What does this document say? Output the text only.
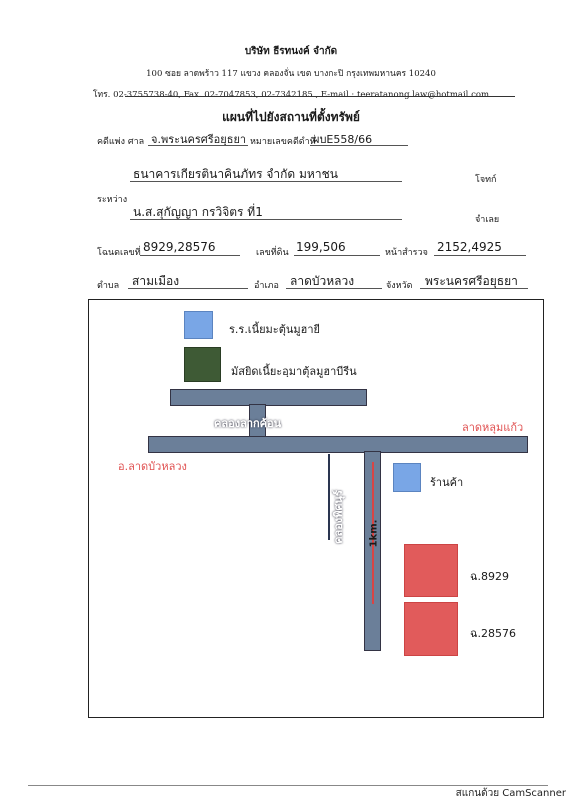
บริษัท ธีรทนงค์ จำกัด
100 ซอย ลาดพร้าว 117 แขวง คลองจั่น เขต บางกะปิ กรุงเทพมหานคร 10240
โทร. 02-3755738-40, Fax. 02-7047853, 02-7342185 , E-mail : teeratanong.law@hotmail.com
แผนที่ไปยังสถานที่ตั้งทรัพย์
คดีแพ่ง ศาล จ.พระนครศรีอยุธยา หมายเลขคดีดำที่
ผบE558/66
ธนาคารเกียรตินาคินภัทร จำกัด มหาชน	โจทก์
ระหว่าง
น.ส.สุกัญญา กรวิจิตร ที่1
จำเลย
โฉนดเลขที่ 8929,28576	เลขที่ดิน 199,506	หน้าสำรวจ 2152,4925
ตำบล สามเมือง	อำเภอ ลาดบัวหลวง	จังหวัด พระนครศรีอยุธยา
ร.ร.เนี้ยมะตุ้นมูฮายี
มัสยิดเนี้ยะอฺมาตุ้ลมูฮาบีรีน
คลองลากค้อน	ลาดหลุมแก้ว
อ.ลาดบัวหลวง
คลองพิศนุร์ 1km.
ร้านค้า
ฉ.8929
ฉ.28576
สแกนด้วย CamScanner
